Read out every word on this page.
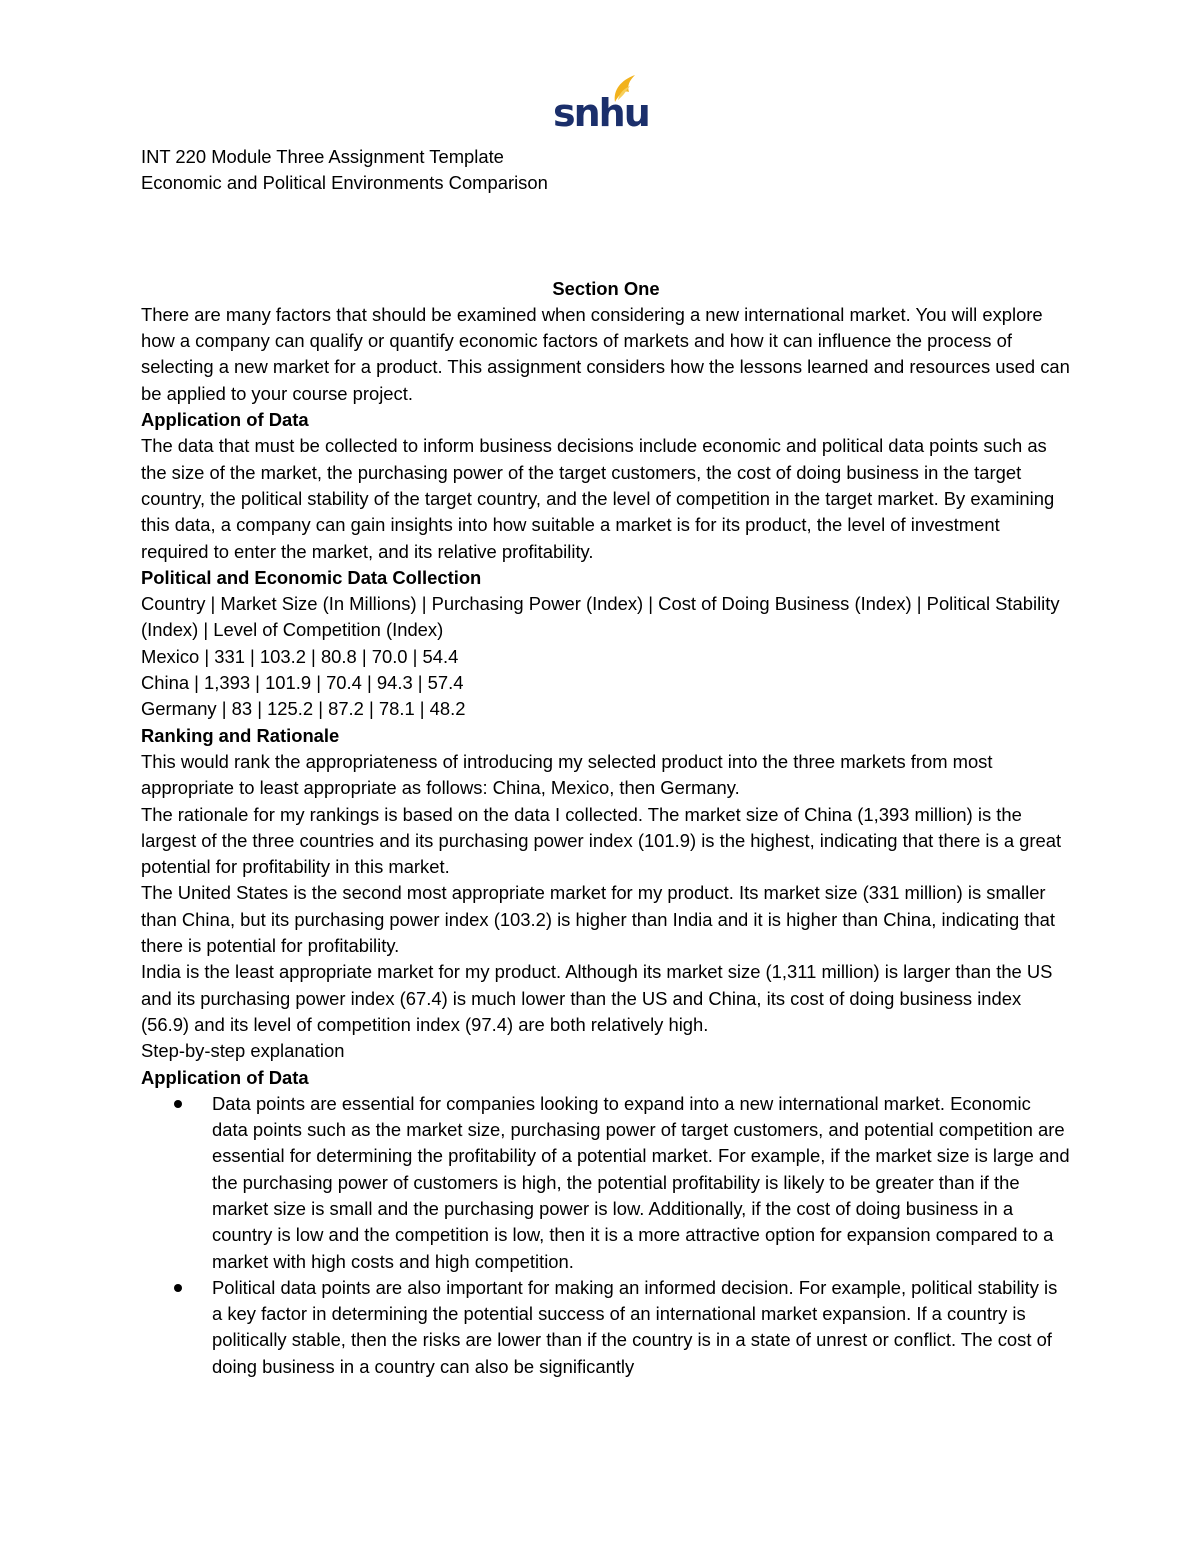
snhu

INT 220 Module Three Assignment Template

Economic and Political Environments Comparison

Section One

There are many factors that should be examined when considering a new international market. You will explore how a company can qualify or quantify economic factors of markets and how it can influence the process of selecting a new market for a product. This assignment considers how the lessons learned and resources used can be applied to your course project.

Application of Data

The data that must be collected to inform business decisions include economic and political data points such as the size of the market, the purchasing power of the target customers, the cost of doing business in the target country, the political stability of the target country, and the level of competition in the target market. By examining this data, a company can gain insights into how suitable a market is for its product, the level of investment required to enter the market, and its relative profitability.

Political and Economic Data Collection

Country | Market Size (In Millions) | Purchasing Power (Index) | Cost of Doing Business (Index) | Political Stability (Index) | Level of Competition (Index)

Mexico | 331 | 103.2 | 80.8 | 70.0 | 54.4

China | 1,393 | 101.9 | 70.4 | 94.3 | 57.4

Germany | 83 | 125.2 | 87.2 | 78.1 | 48.2

Ranking and Rationale

This would rank the appropriateness of introducing my selected product into the three markets from most appropriate to least appropriate as follows: China, Mexico, then Germany.

The rationale for my rankings is based on the data I collected. The market size of China (1,393 million) is the largest of the three countries and its purchasing power index (101.9) is the highest, indicating that there is a great potential for profitability in this market.

The United States is the second most appropriate market for my product. Its market size (331 million) is smaller than China, but its purchasing power index (103.2) is higher than India and it is higher than China, indicating that there is potential for profitability.

India is the least appropriate market for my product. Although its market size (1,311 million) is larger than the US and its purchasing power index (67.4) is much lower than the US and China, its cost of doing business index (56.9) and its level of competition index (97.4) are both relatively high.

Step-by-step explanation

Application of Data

Data points are essential for companies looking to expand into a new international market. Economic data points such as the market size, purchasing power of target customers, and potential competition are essential for determining the profitability of a potential market. For example, if the market size is large and the purchasing power of customers is high, the potential profitability is likely to be greater than if the market size is small and the purchasing power is low. Additionally, if the cost of doing business in a country is low and the competition is low, then it is a more attractive option for expansion compared to a market with high costs and high competition.
Political data points are also important for making an informed decision. For example, political stability is a key factor in determining the potential success of an international market expansion. If a country is politically stable, then the risks are lower than if the country is in a state of unrest or conflict. The cost of doing business in a country can also be significantly
